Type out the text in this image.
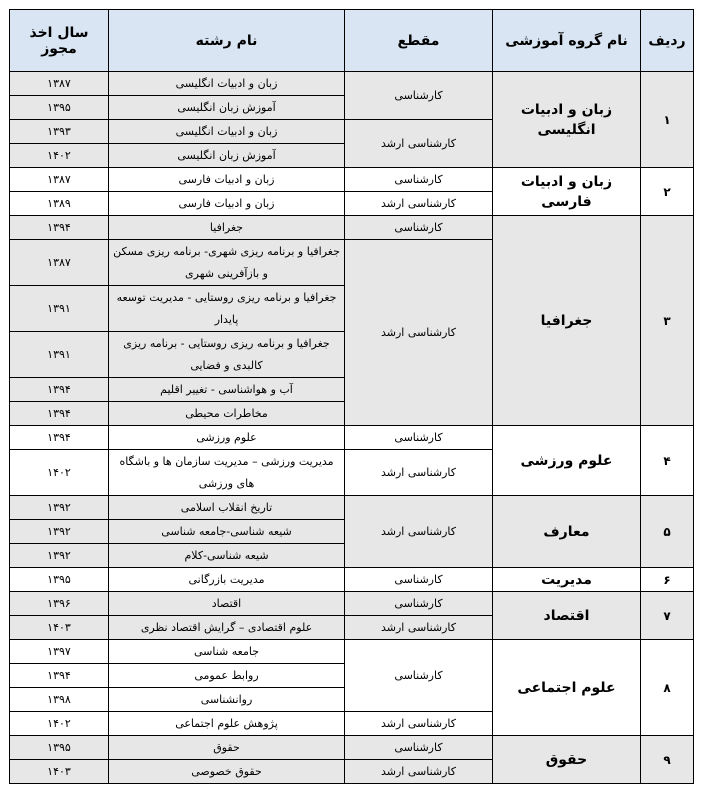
ردیف	نام گروه آموزشی	مقطع	نام رشته	سال اخذ مجوز
۱	زبان و ادبیات انگلیسی	کارشناسی	زبان و ادبیات انگلیسی	۱۳۸۷
			آموزش زبان انگلیسی	۱۳۹۵
		کارشناسی ارشد	زبان و ادبیات انگلیسی	۱۳۹۳
			آموزش زبان انگلیسی	۱۴۰۲
۲	زبان و ادبیات فارسی	کارشناسی	زبان و ادبیات فارسی	۱۳۸۷
		کارشناسی ارشد	زبان و ادبیات فارسی	۱۳۸۹
۳	جغرافیا	کارشناسی	جغرافیا	۱۳۹۴
		کارشناسی ارشد	جغرافیا و برنامه ریزی شهری- برنامه ریزی مسکن و بازآفرینی شهری	۱۳۸۷
			جغرافیا و برنامه ریزی روستایی - مدیریت توسعه پایدار	۱۳۹۱
			جغرافیا و برنامه ریزی روستایی - برنامه ریزی کالبدی و فضایی	۱۳۹۱
			آب و هواشناسی - تغییر اقلیم	۱۳۹۴
			مخاطرات محیطی	۱۳۹۴
۴	علوم ورزشی	کارشناسی	علوم ورزشی	۱۳۹۴
		کارشناسی ارشد	مدیریت ورزشی – مدیریت سازمان ها و باشگاه های ورزشی	۱۴۰۲
۵	معارف	کارشناسی ارشد	تاریخ انقلاب اسلامی	۱۳۹۲
			شیعه شناسی-جامعه شناسی	۱۳۹۲
			شیعه شناسی-کلام	۱۳۹۲
۶	مدیریت	کارشناسی	مدیریت بازرگانی	۱۳۹۵
۷	اقتصاد	کارشناسی	اقتصاد	۱۳۹۶
		کارشناسی ارشد	علوم اقتصادی – گرایش اقتصاد نظری	۱۴۰۳
۸	علوم اجتماعی	کارشناسی	جامعه شناسی	۱۳۹۷
			روابط عمومی	۱۳۹۴
			روانشناسی	۱۳۹۸
		کارشناسی ارشد	پژوهش علوم اجتماعی	۱۴۰۲
۹	حقوق	کارشناسی	حقوق	۱۳۹۵
		کارشناسی ارشد	حقوق خصوصی	۱۴۰۳
